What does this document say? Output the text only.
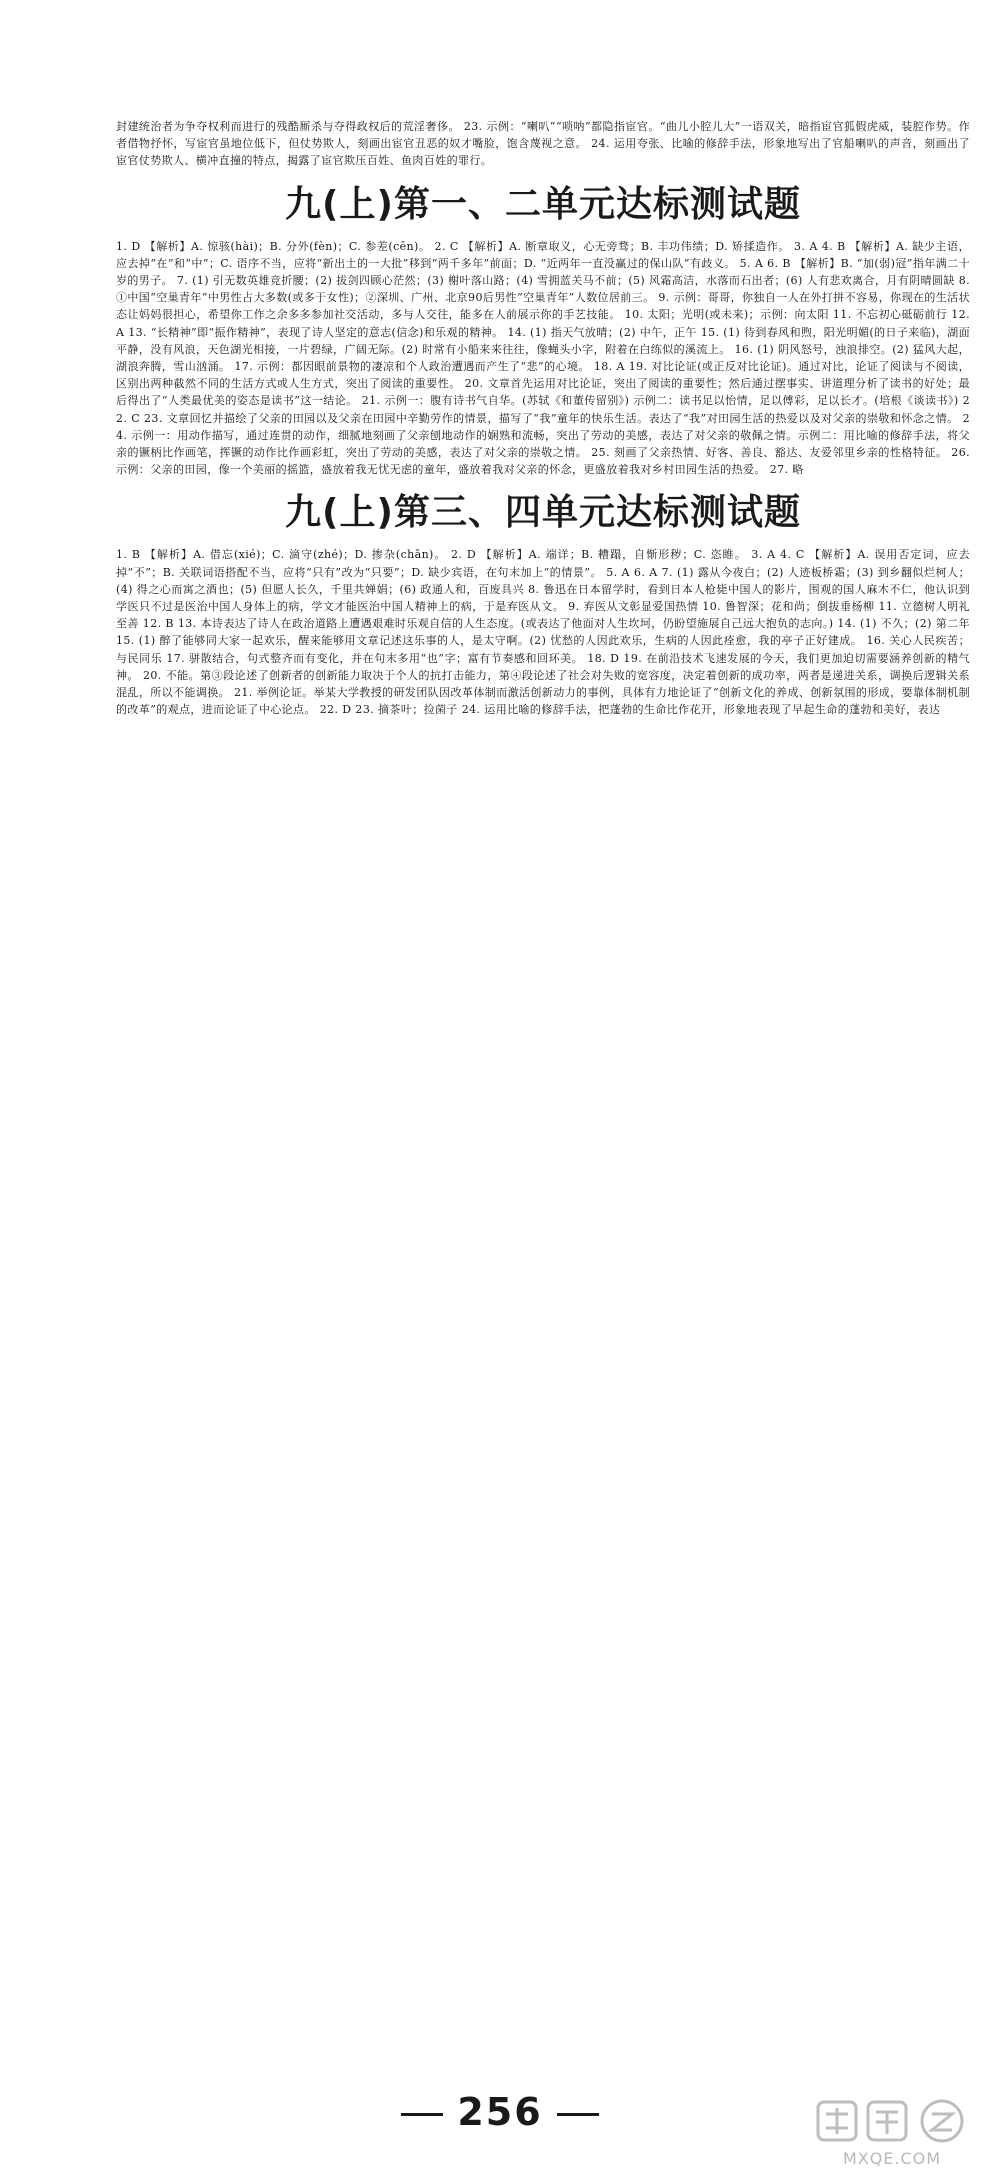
封建统治者为争夺权利而进行的残酷厮杀与夺得政权后的荒淫奢侈。 23. 示例：“喇叭”“唢呐”都隐指宦官。“曲儿小腔儿大”一语双关，暗指宦官狐假虎威，装腔作势。作者借物抒怀，写宦官虽地位低下，但仗势欺人，刻画出宦官丑恶的奴才嘴脸，饱含蔑视之意。 24. 运用夸张、比喻的修辞手法，形象地写出了官船喇叭的声音，刻画出了宦官仗势欺人、横冲直撞的特点，揭露了宦官欺压百姓、鱼肉百姓的罪行。

九(上)第一、二单元达标测试题

1. D 【解析】A. 惊骇(hài)；B. 分外(fèn)；C. 参差(cēn)。 2. C 【解析】A. 断章取义，心无旁骛；B. 丰功伟绩；D. 矫揉造作。 3. A 4. B 【解析】A. 缺少主语，应去掉“在”和“中”；C. 语序不当，应将“新出土的一大批”移到“两千多年”前面；D. “近两年一直没赢过的保山队”有歧义。 5. A 6. B 【解析】B. “加(弱)冠”指年满二十岁的男子。 7. (1) 引无数英雄竞折腰；(2) 拔剑四顾心茫然；(3) 榭叶落山路；(4) 雪拥蓝关马不前；(5) 风霜高洁，水落而石出者；(6) 人有悲欢离合，月有阴晴圆缺 8. ①中国“空巢青年”中男性占大多数(或多于女性)；②深圳、广州、北京90后男性“空巢青年”人数位居前三。 9. 示例：哥哥，你独自一人在外打拼不容易，你现在的生活状态让妈妈很担心，希望你工作之余多多参加社交活动，多与人交往，能多在人前展示你的手艺技能。 10. 太阳；光明(或未来)；示例：向太阳 11. 不忘初心砥砺前行 12. A 13. “长精神”即“振作精神”，表现了诗人坚定的意志(信念)和乐观的精神。 14. (1) 指天气放晴；(2) 中午，正午 15. (1) 待到春风和煦，阳光明媚(的日子来临)，湖面平静，没有风浪，天色湖光相接，一片碧绿，广阔无际。(2) 时常有小船来来往往，像蝇头小字，附着在白练似的溪流上。 16. (1) 阴风怒号，浊浪排空。(2) 猛风大起，湖浪奔腾，雪山汹涌。 17. 示例：都因眼前景物的凄凉和个人政治遭遇而产生了“悲”的心境。 18. A 19. 对比论证(或正反对比论证)。通过对比，论证了阅读与不阅读，区别出两种截然不同的生活方式或人生方式，突出了阅读的重要性。 20. 文章首先运用对比论证，突出了阅读的重要性；然后通过摆事实、讲道理分析了读书的好处；最后得出了“人类最优美的姿态是读书”这一结论。 21. 示例一：腹有诗书气自华。(苏轼《和董传留别》) 示例二：读书足以怡情，足以傅彩，足以长才。(培根《谈读书》) 22. C 23. 文章回忆并描绘了父亲的田园以及父亲在田园中辛勤劳作的情景，描写了“我”童年的快乐生活。表达了“我”对田园生活的热爱以及对父亲的崇敬和怀念之情。 24. 示例一：用动作描写，通过连贯的动作，细腻地刻画了父亲刨地动作的娴熟和流畅，突出了劳动的美感，表达了对父亲的敬佩之情。示例二：用比喻的修辞手法，将父亲的镢柄比作画笔，挥镢的动作比作画彩虹，突出了劳动的美感，表达了对父亲的崇敬之情。 25. 刻画了父亲热情、好客、善良、豁达、友爱邻里乡亲的性格特征。 26. 示例：父亲的田园，像一个美丽的摇篮，盛放着我无忧无虑的童年，盛放着我对父亲的怀念，更盛放着我对乡村田园生活的热爱。 27. 略

九(上)第三、四单元达标测试题

1. B 【解析】A. 借忘(xié)；C. 滴守(zhé)；D. 掺杂(chān)。 2. D 【解析】A. 端详；B. 糟蹋，自惭形秽；C. 恣睢。 3. A 4. C 【解析】A. 误用否定词，应去掉“不”；B. 关联词语搭配不当，应将“只有”改为“只要”；D. 缺少宾语，在句末加上“的情景”。 5. A 6. A 7. (1) 露从今夜白；(2) 人迹板桥霜；(3) 到乡翻似烂柯人；(4) 得之心而寓之酒也；(5) 但愿人长久，千里共婵娟；(6) 政通人和，百废具兴 8. 鲁迅在日本留学时，看到日本人枪毙中国人的影片，围观的国人麻木不仁，他认识到学医只不过是医治中国人身体上的病，学文才能医治中国人精神上的病，于是弃医从文。 9. 弃医从文彰显爱国热情 10. 鲁智深；花和尚；倒拔垂杨柳 11. 立德树人明礼至善 12. B 13. 本诗表达了诗人在政治道路上遭遇艰难时乐观自信的人生态度。(或表达了他面对人生坎坷，仍盼望施展自己远大抱负的志向。) 14. (1) 不久；(2) 第二年 15. (1) 醉了能够同大家一起欢乐，醒来能够用文章记述这乐事的人，是太守啊。(2) 忧愁的人因此欢乐，生病的人因此痊愈，我的亭子正好建成。 16. 关心人民疾苦；与民同乐 17. 骈散结合，句式整齐而有变化，并在句末多用“也”字；富有节奏感和回环美。 18. D 19. 在前沿技术飞速发展的今天，我们更加迫切需要涵养创新的精气神。 20. 不能。第③段论述了创新者的创新能力取决于个人的抗打击能力，第④段论述了社会对失败的宽容度，决定着创新的成功率，两者是递进关系，调换后逻辑关系混乱，所以不能调换。 21. 举例论证。举某大学教授的研发团队因改革体制而激活创新动力的事例，具体有力地论证了“创新文化的养成、创新氛围的形成，要靠体制机制的改革”的观点，进而论证了中心论点。 22. D 23. 摘茶叶；捡菌子 24. 运用比喻的修辞手法，把蓬勃的生命比作花开，形象地表现了早起生命的蓬勃和美好，表达

256
MXQE.COM
